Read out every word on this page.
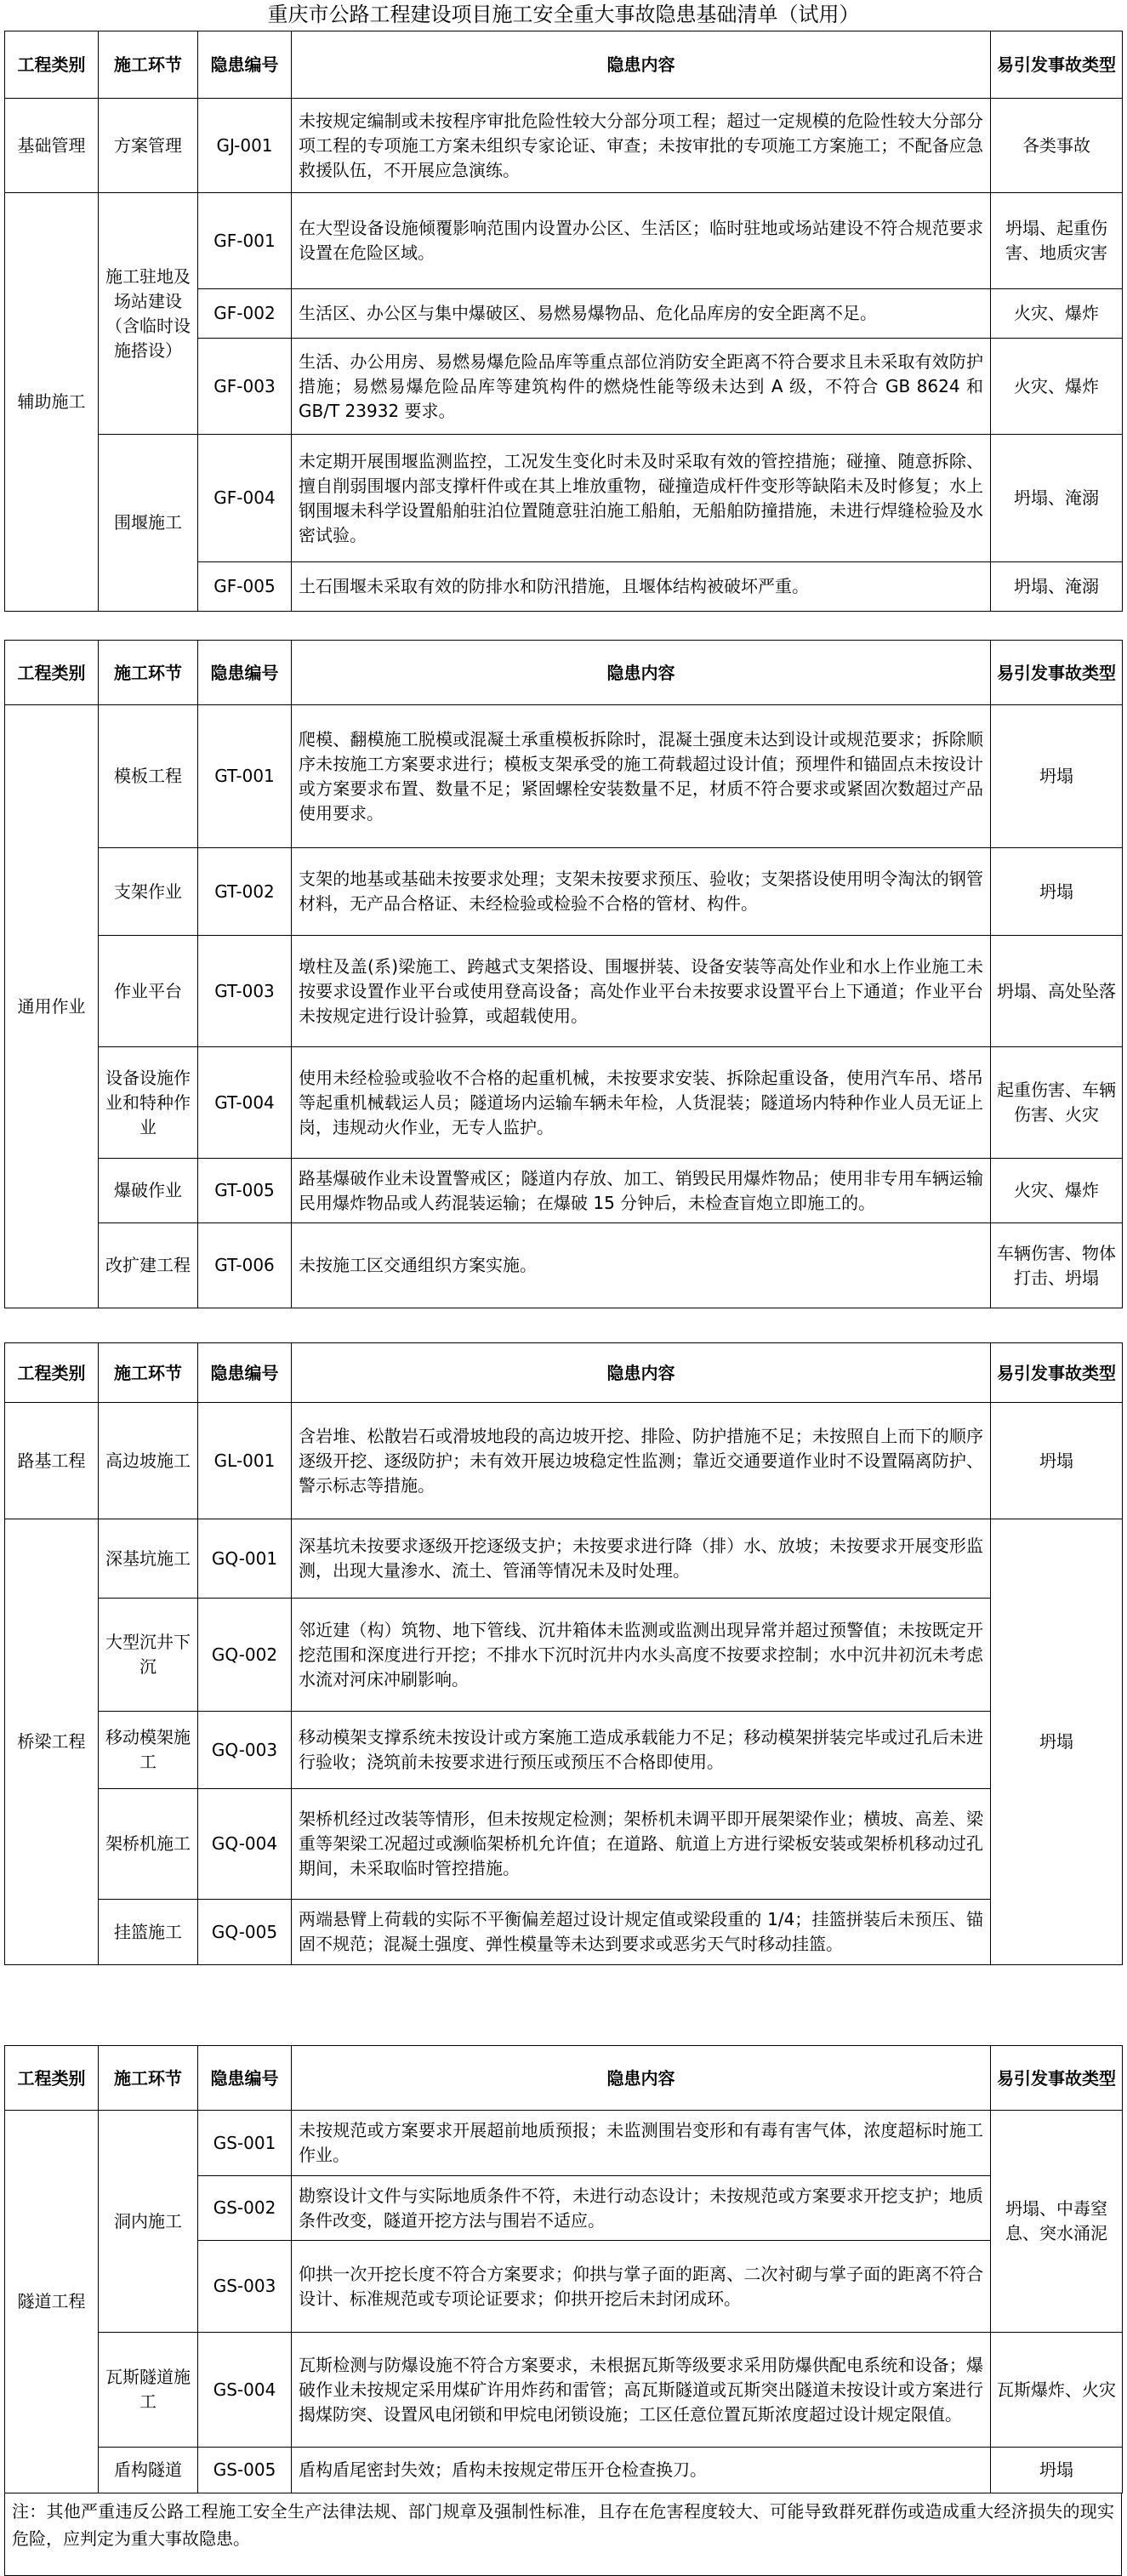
重庆市公路工程建设项目施工安全重大事故隐患基础清单（试用）
工程类别	施工环节	隐患编号	隐患内容	易引发事故类型
基础管理	方案管理	GJ-001	未按规定编制或未按程序审批危险性较大分部分项工程；超过一定规模的危险性较大分部分项工程的专项施工方案未组织专家论证、审查；未按审批的专项施工方案施工；不配备应急救援队伍，不开展应急演练。	各类事故
辅助施工	施工驻地及场站建设（含临时设施搭设）	GF-001	在大型设备设施倾覆影响范围内设置办公区、生活区；临时驻地或场站建设不符合规范要求设置在危险区域。	坍塌、起重伤害、地质灾害
		GF-002	生活区、办公区与集中爆破区、易燃易爆物品、危化品库房的安全距离不足。	火灾、爆炸
		GF-003	生活、办公用房、易燃易爆危险品库等重点部位消防安全距离不符合要求且未采取有效防护措施；易燃易爆危险品库等建筑构件的燃烧性能等级未达到 A 级，不符合 GB 8624 和 GB/T 23932 要求。	火灾、爆炸
	围堰施工	GF-004	未定期开展围堰监测监控，工况发生变化时未及时采取有效的管控措施；碰撞、随意拆除、擅自削弱围堰内部支撑杆件或在其上堆放重物，碰撞造成杆件变形等缺陷未及时修复；水上钢围堰未科学设置船舶驻泊位置随意驻泊施工船舶，无船舶防撞措施，未进行焊缝检验及水密试验。	坍塌、淹溺
		GF-005	土石围堰未采取有效的防排水和防汛措施，且堰体结构被破坏严重。	坍塌、淹溺
工程类别	施工环节	隐患编号	隐患内容	易引发事故类型
通用作业	模板工程	GT-001	爬模、翻模施工脱模或混凝土承重模板拆除时，混凝土强度未达到设计或规范要求；拆除顺序未按施工方案要求进行；模板支架承受的施工荷载超过设计值；预埋件和锚固点未按设计或方案要求布置、数量不足；紧固螺栓安装数量不足，材质不符合要求或紧固次数超过产品使用要求。	坍塌
	支架作业	GT-002	支架的地基或基础未按要求处理；支架未按要求预压、验收；支架搭设使用明令淘汰的钢管材料，无产品合格证、未经检验或检验不合格的管材、构件。	坍塌
	作业平台	GT-003	墩柱及盖(系)梁施工、跨越式支架搭设、围堰拼装、设备安装等高处作业和水上作业施工未按要求设置作业平台或使用登高设备；高处作业平台未按要求设置平台上下通道；作业平台未按规定进行设计验算，或超载使用。	坍塌、高处坠落
	设备设施作业和特种作业	GT-004	使用未经检验或验收不合格的起重机械，未按要求安装、拆除起重设备，使用汽车吊、塔吊等起重机械载运人员；隧道场内运输车辆未年检，人货混装；隧道场内特种作业人员无证上岗，违规动火作业，无专人监护。	起重伤害、车辆伤害、火灾
	爆破作业	GT-005	路基爆破作业未设置警戒区；隧道内存放、加工、销毁民用爆炸物品；使用非专用车辆运输民用爆炸物品或人药混装运输；在爆破 15 分钟后，未检查盲炮立即施工的。	火灾、爆炸
	改扩建工程	GT-006	未按施工区交通组织方案实施。	车辆伤害、物体打击、坍塌
工程类别	施工环节	隐患编号	隐患内容	易引发事故类型
路基工程	高边坡施工	GL-001	含岩堆、松散岩石或滑坡地段的高边坡开挖、排险、防护措施不足；未按照自上而下的顺序逐级开挖、逐级防护；未有效开展边坡稳定性监测；靠近交通要道作业时不设置隔离防护、警示标志等措施。	坍塌
桥梁工程	深基坑施工	GQ-001	深基坑未按要求逐级开挖逐级支护；未按要求进行降（排）水、放坡；未按要求开展变形监测，出现大量渗水、流土、管涌等情况未及时处理。	坍塌
	大型沉井下沉	GQ-002	邻近建（构）筑物、地下管线、沉井箱体未监测或监测出现异常并超过预警值；未按既定开挖范围和深度进行开挖；不排水下沉时沉井内水头高度不按要求控制；水中沉井初沉未考虑水流对河床冲刷影响。	
	移动模架施工	GQ-003	移动模架支撑系统未按设计或方案施工造成承载能力不足；移动模架拼装完毕或过孔后未进行验收；浇筑前未按要求进行预压或预压不合格即使用。	
	架桥机施工	GQ-004	架桥机经过改装等情形，但未按规定检测；架桥机未调平即开展架梁作业；横坡、高差、梁重等架梁工况超过或濒临架桥机允许值；在道路、航道上方进行梁板安装或架桥机移动过孔期间，未采取临时管控措施。	
	挂篮施工	GQ-005	两端悬臂上荷载的实际不平衡偏差超过设计规定值或梁段重的 1/4；挂篮拼装后未预压、锚固不规范；混凝土强度、弹性模量等未达到要求或恶劣天气时移动挂篮。	
工程类别	施工环节	隐患编号	隐患内容	易引发事故类型
隧道工程	洞内施工	GS-001	未按规范或方案要求开展超前地质预报；未监测围岩变形和有毒有害气体，浓度超标时施工作业。	坍塌、中毒窒息、突水涌泥
		GS-002	勘察设计文件与实际地质条件不符，未进行动态设计；未按规范或方案要求开挖支护；地质条件改变，隧道开挖方法与围岩不适应。	
		GS-003	仰拱一次开挖长度不符合方案要求；仰拱与掌子面的距离、二次衬砌与掌子面的距离不符合设计、标准规范或专项论证要求；仰拱开挖后未封闭成环。	
	瓦斯隧道施工	GS-004	瓦斯检测与防爆设施不符合方案要求，未根据瓦斯等级要求采用防爆供配电系统和设备；爆破作业未按规定采用煤矿许用炸药和雷管；高瓦斯隧道或瓦斯突出隧道未按设计或方案进行揭煤防突、设置风电闭锁和甲烷电闭锁设施；工区任意位置瓦斯浓度超过设计规定限值。	瓦斯爆炸、火灾
	盾构隧道	GS-005	盾构盾尾密封失效；盾构未按规定带压开仓检查换刀。	坍塌
注：其他严重违反公路工程施工安全生产法律法规、部门规章及强制性标准，且存在危害程度较大、可能导致群死群伤或造成重大经济损失的现实危险，应判定为重大事故隐患。
